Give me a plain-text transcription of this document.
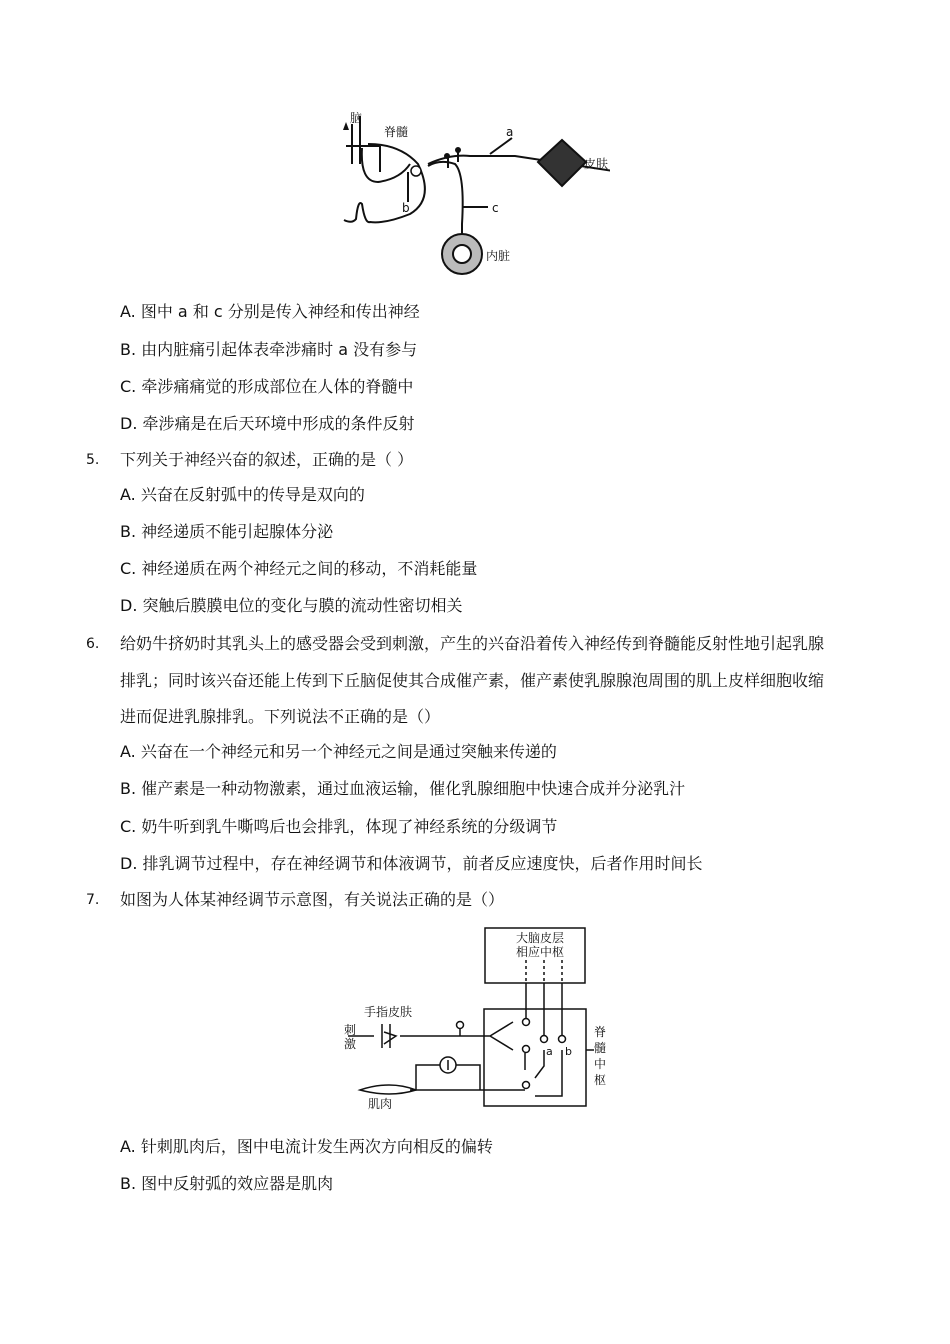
脑
脊髓	a
b	c
皮肤
内脏
A. 图中 a 和 c 分别是传入神经和传出神经
B. 由内脏痛引起体表牵涉痛时 a 没有参与
C. 牵涉痛痛觉的形成部位在人体的脊髓中
D. 牵涉痛是在后天环境中形成的条件反射
5. 下列关于神经兴奋的叙述，正确的是（ ）
A. 兴奋在反射弧中的传导是双向的
B. 神经递质不能引起腺体分泌
C. 神经递质在两个神经元之间的移动，不消耗能量
D. 突触后膜膜电位的变化与膜的流动性密切相关
6. 给奶牛挤奶时其乳头上的感受器会受到刺激，产生的兴奋沿着传入神经传到脊髓能反射性地引起乳腺
排乳；同时该兴奋还能上传到下丘脑促使其合成催产素，催产素使乳腺腺泡周围的肌上皮样细胞收缩
进而促进乳腺排乳。下列说法不正确的是（）
A. 兴奋在一个神经元和另一个神经元之间是通过突触来传递的
B. 催产素是一种动物激素，通过血液运输，催化乳腺细胞中快速合成并分泌乳汁
C. 奶牛听到乳牛嘶鸣后也会排乳，体现了神经系统的分级调节
D. 排乳调节过程中，存在神经调节和体液调节，前者反应速度快，后者作用时间长
7. 如图为人体某神经调节示意图，有关说法正确的是（）
大脑皮层
相应中枢
手指皮肤
刺
激
肌肉
a b
脊
髓
中
枢
A. 针刺肌肉后，图中电流计发生两次方向相反的偏转
B. 图中反射弧的效应器是肌肉
